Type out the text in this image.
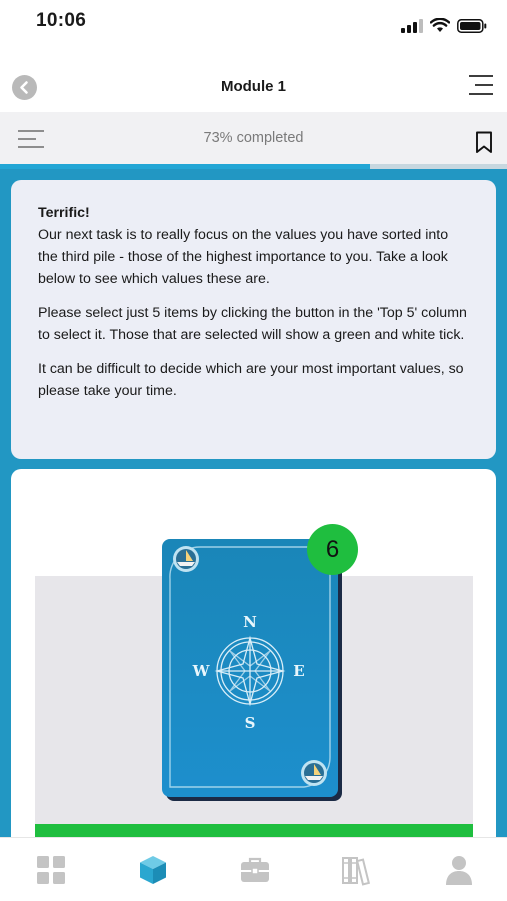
10:06
Module 1
73% completed

Terrific!
Our next task is to really focus on the values you have sorted into the third pile - those of the highest importance to you. Take a look below to see which values these are.

Please select just 5 items by clicking the button in the 'Top 5' column to select it. Those that are selected will show a green and white tick.

It can be difficult to decide which are your most important values, so please take your time.

N
S
E
W
6
